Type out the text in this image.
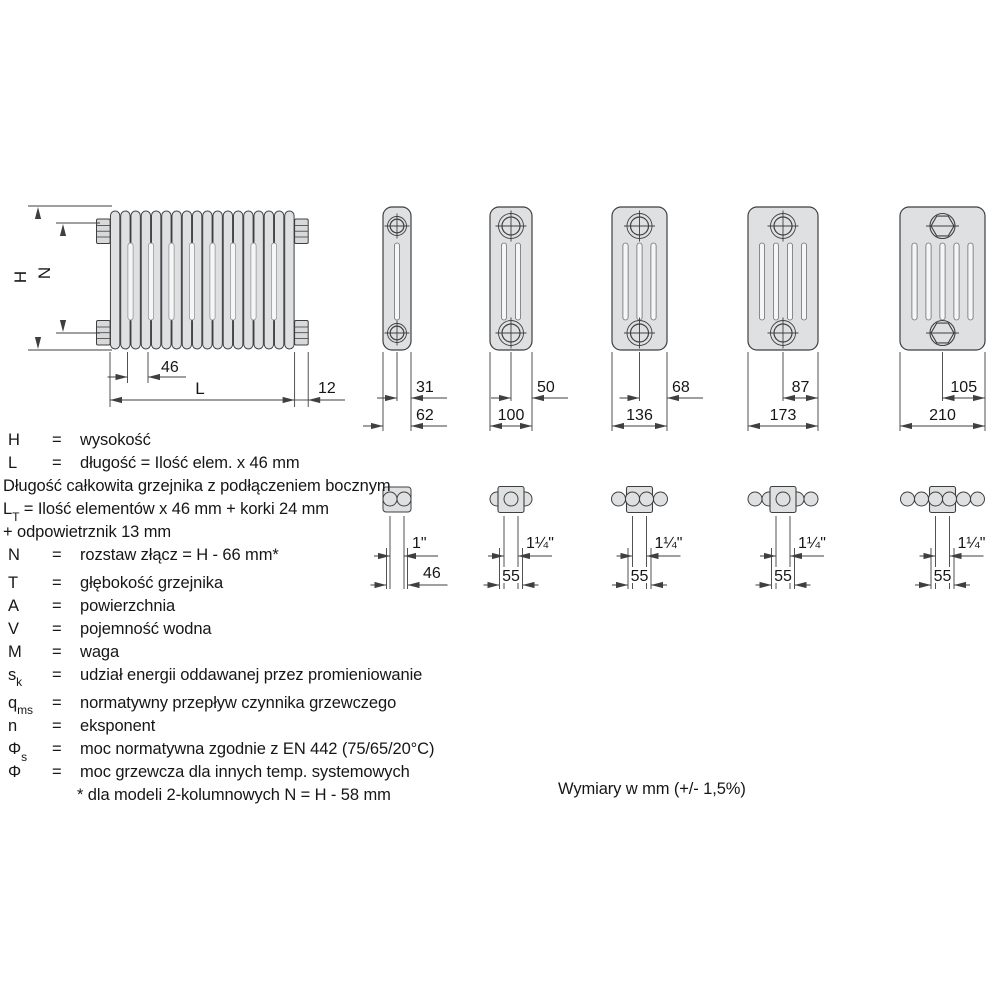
H N
46
L	12	31
62
1"
46
50
100
1¼"
55
68
136
1¼"
55
87
173
1¼"
55
105
210
1¼"
55
H	=	wysokość
L	=	długość = Ilość elem. x 46 mm
Długość całkowita grzejnika z podłączeniem bocznym
$L_T$ = Ilość elementów x 46 mm + korki 24 mm
+ odpowietrznik 13 mm
N	=	rozstaw złącz = H - 66 mm*
T	=	głębokość grzejnika
A	=	powierzchnia
V	=	pojemność wodna
M	=	waga
$s_k$	=	udział energii oddawanej przez promieniowanie
$q_{ms}$	=	normatywny przepływ czynnika grzewczego
n	=	eksponent
$\Phi_s$	=	moc normatywna zgodnie z EN 442 (75/65/20°C)
Φ	=	moc grzewcza dla innych temp. systemowych
* dla modeli 2-kolumnowych N = H - 58 mm	Wymiary w mm (+/- 1,5%)
